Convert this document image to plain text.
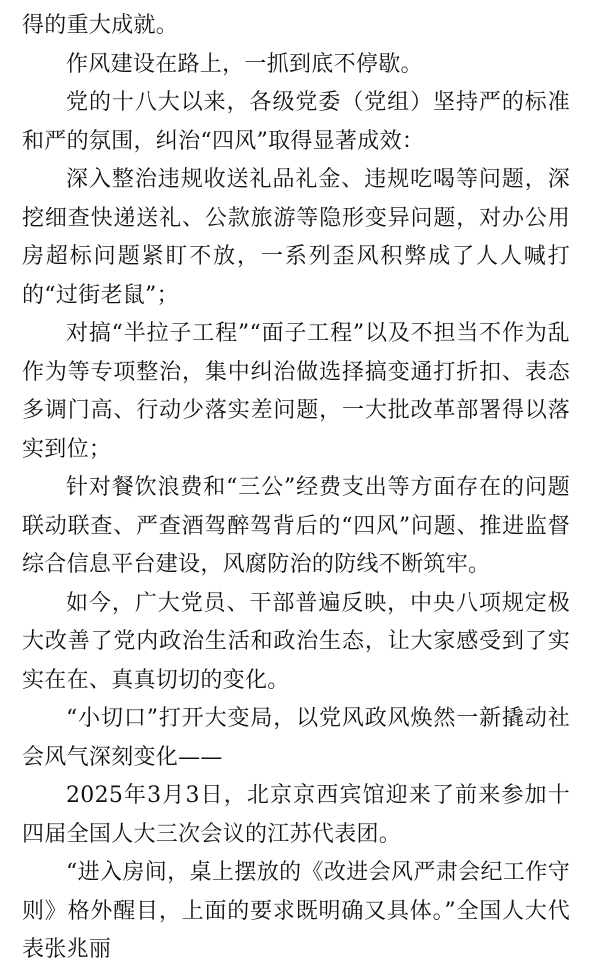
得的重大成就。

作风建设在路上，一抓到底不停歇。

党的十八大以来，各级党委（党组）坚持严的标准和严的氛围，纠治“四风”取得显著成效：

深入整治违规收送礼品礼金、违规吃喝等问题，深挖细查快递送礼、公款旅游等隐形变异问题，对办公用房超标问题紧盯不放，一系列歪风积弊成了人人喊打的“过街老鼠”；

对搞“半拉子工程”“面子工程”以及不担当不作为乱作为等专项整治，集中纠治做选择搞变通打折扣、表态多调门高、行动少落实差问题，一大批改革部署得以落实到位；

针对餐饮浪费和“三公”经费支出等方面存在的问题联动联查、严查酒驾醉驾背后的“四风”问题、推进监督综合信息平台建设，风腐防治的防线不断筑牢。

如今，广大党员、干部普遍反映，中央八项规定极大改善了党内政治生活和政治生态，让大家感受到了实实在在、真真切切的变化。

“小切口”打开大变局，以党风政风焕然一新撬动社会风气深刻变化——

2025年3月3日，北京京西宾馆迎来了前来参加十四届全国人大三次会议的江苏代表团。

“进入房间，桌上摆放的《改进会风严肃会纪工作守则》格外醒目，上面的要求既明确又具体。”全国人大代表张兆丽
